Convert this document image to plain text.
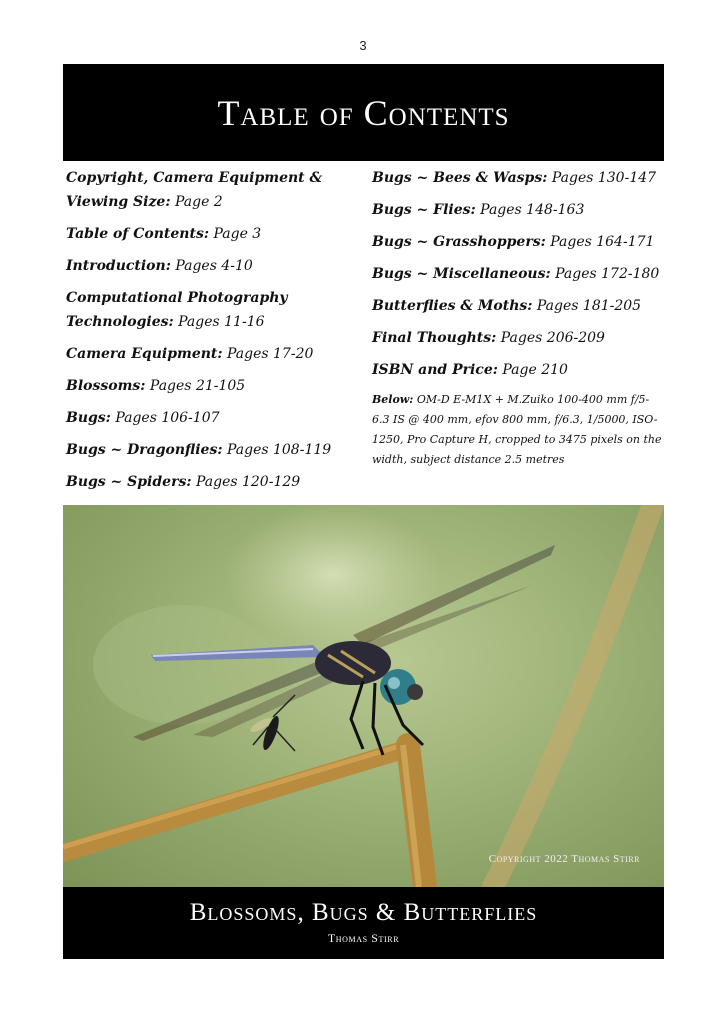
3
Table of Contents
Copyright, Camera Equipment & Viewing Size: Page 2
Table of Contents: Page 3
Introduction: Pages 4-10
Computational Photography Technologies: Pages 11-16
Camera Equipment: Pages 17-20
Blossoms: Pages 21-105
Bugs: Pages 106-107
Bugs ~ Dragonflies: Pages 108-119
Bugs ~ Spiders: Pages 120-129
Bugs ~ Bees & Wasps: Pages 130-147
Bugs ~ Flies: Pages 148-163
Bugs ~ Grasshoppers: Pages 164-171
Bugs ~ Miscellaneous: Pages 172-180
Butterflies & Moths: Pages 181-205
Final Thoughts: Pages 206-209
ISBN and Price: Page 210
Below: OM-D E-M1X + M.Zuiko 100-400 mm f/5-6.3 IS @ 400 mm, efov 800 mm, f/6.3, 1/5000, ISO-1250, Pro Capture H, cropped to 3475 pixels on the width, subject distance 2.5 metres
Copyright 2022 Thomas Stirr
Blossoms, Bugs & Butterflies
Thomas Stirr
